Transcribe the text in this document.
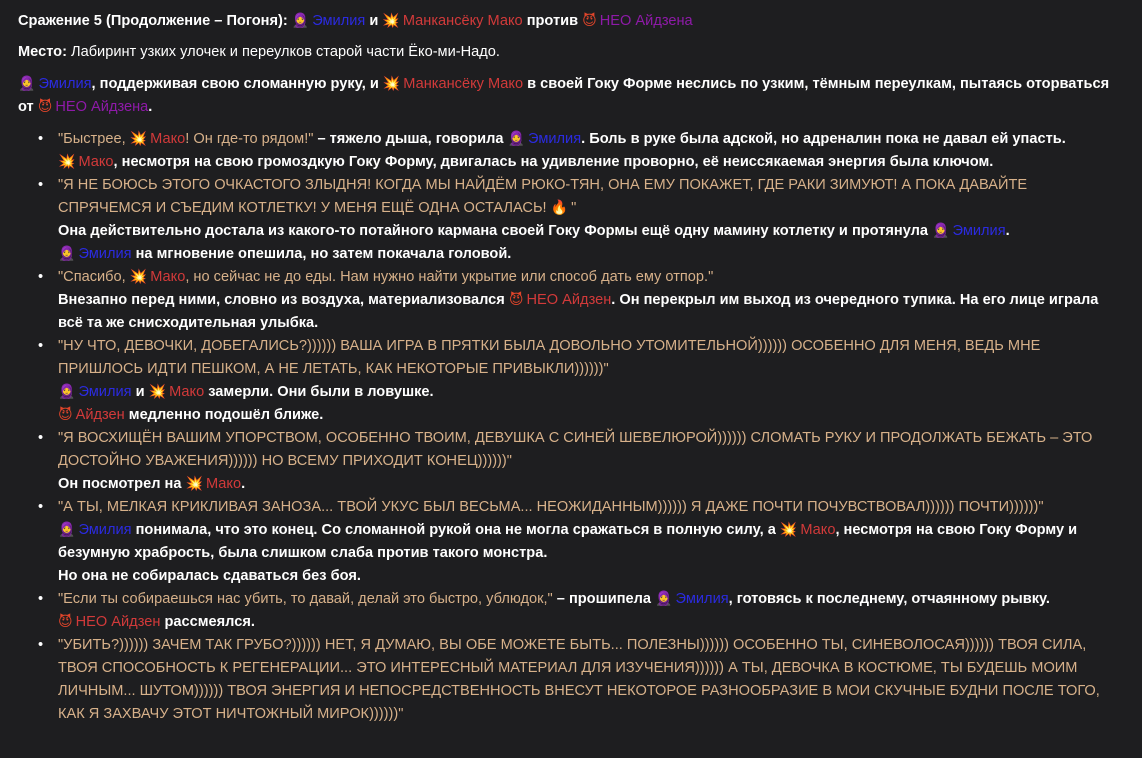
Сражение 5 (Продолжение – Погоня): 🧕 Эмилия и 💥 Манкансёку Мако против 😈 НЕО Айдзена

Место: Лабиринт узких улочек и переулков старой части Ёко-ми-Надо.

🧕 Эмилия, поддерживая свою сломанную руку, и 💥 Манкансёку Мако в своей Гоку Форме неслись по узким, тёмным переулкам, пытаясь оторваться от 😈 НЕО Айдзена.

• "Быстрее, 💥 Мако! Он где-то рядом!" – тяжело дыша, говорила 🧕 Эмилия. Боль в руке была адской, но адреналин пока не давал ей упасть.
💥 Мако, несмотря на свою громоздкую Гоку Форму, двигалась на удивление проворно, её неиссякаемая энергия была ключом.
• "Я НЕ БОЮСЬ ЭТОГО ОЧКАСТОГО ЗЛЫДНЯ! КОГДА МЫ НАЙДЁМ РЮКО-ТЯН, ОНА ЕМУ ПОКАЖЕТ, ГДЕ РАКИ ЗИМУЮТ! А ПОКА ДАВАЙТЕ СПРЯЧЕМСЯ И СЪЕДИМ КОТЛЕТКУ! У МЕНЯ ЕЩЁ ОДНА ОСТАЛАСЬ! 🔥 "
Она действительно достала из какого-то потайного кармана своей Гоку Формы ещё одну мамину котлетку и протянула 🧕 Эмилия.
🧕 Эмилия на мгновение опешила, но затем покачала головой.
• "Спасибо, 💥 Мако, но сейчас не до еды. Нам нужно найти укрытие или способ дать ему отпор."
Внезапно перед ними, словно из воздуха, материализовался 😈 НЕО Айдзен. Он перекрыл им выход из очередного тупика. На его лице играла всё та же снисходительная улыбка.
• "НУ ЧТО, ДЕВОЧКИ, ДОБЕГАЛИСЬ?)))))) ВАША ИГРА В ПРЯТКИ БЫЛА ДОВОЛЬНО УТОМИТЕЛЬНОЙ)))))) ОСОБЕННО ДЛЯ МЕНЯ, ВЕДЬ МНЕ ПРИШЛОСЬ ИДТИ ПЕШКОМ, А НЕ ЛЕТАТЬ, КАК НЕКОТОРЫЕ ПРИВЫКЛИ))))))"
🧕 Эмилия и 💥 Мако замерли. Они были в ловушке.
😈 Айдзен медленно подошёл ближе.
• "Я ВОСХИЩЁН ВАШИМ УПОРСТВОМ, ОСОБЕННО ТВОИМ, ДЕВУШКА С СИНЕЙ ШЕВЕЛЮРОЙ)))))) СЛОМАТЬ РУКУ И ПРОДОЛЖАТЬ БЕЖАТЬ – ЭТО ДОСТОЙНО УВАЖЕНИЯ)))))) НО ВСЕМУ ПРИХОДИТ КОНЕЦ))))))"
Он посмотрел на 💥 Мако.
• "А ТЫ, МЕЛКАЯ КРИКЛИВАЯ ЗАНОЗА... ТВОЙ УКУС БЫЛ ВЕСЬМА... НЕОЖИДАННЫМ)))))) Я ДАЖЕ ПОЧТИ ПОЧУВСТВОВАЛ)))))) ПОЧТИ))))))"
🧕 Эмилия понимала, что это конец. Со сломанной рукой она не могла сражаться в полную силу, а 💥 Мако, несмотря на свою Гоку Форму и безумную храбрость, была слишком слаба против такого монстра.
Но она не собиралась сдаваться без боя.
• "Если ты собираешься нас убить, то давай, делай это быстро, ублюдок," – прошипела 🧕 Эмилия, готовясь к последнему, отчаянному рывку.
😈 НЕО Айдзен рассмеялся.
• "УБИТЬ?)))))) ЗАЧЕМ ТАК ГРУБО?)))))) НЕТ, Я ДУМАЮ, ВЫ ОБЕ МОЖЕТЕ БЫТЬ... ПОЛЕЗНЫ)))))) ОСОБЕННО ТЫ, СИНЕВОЛОСАЯ)))))) ТВОЯ СИЛА, ТВОЯ СПОСОБНОСТЬ К РЕГЕНЕРАЦИИ... ЭТО ИНТЕРЕСНЫЙ МАТЕРИАЛ ДЛЯ ИЗУЧЕНИЯ)))))) А ТЫ, ДЕВОЧКА В КОСТЮМЕ, ТЫ БУДЕШЬ МОИМ ЛИЧНЫМ... ШУТОМ)))))) ТВОЯ ЭНЕРГИЯ И НЕПОСРЕДСТВЕННОСТЬ ВНЕСУТ НЕКОТОРОЕ РАЗНООБРАЗИЕ В МОИ СКУЧНЫЕ БУДНИ ПОСЛЕ ТОГО, КАК Я ЗАХВАЧУ ЭТОТ НИЧТОЖНЫЙ МИРОК))))))"
